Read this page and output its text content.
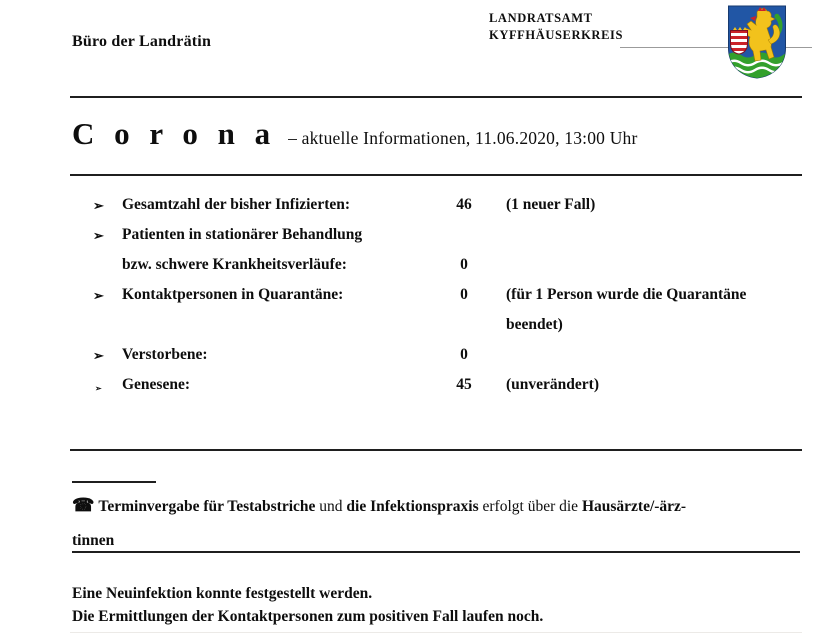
Büro der Landrätin
LANDRATSAMT
KYFFHÄUSERKREIS
C o r o n a – aktuelle Informationen, 11.06.2020, 13:00 Uhr
➢	Gesamtzahl der bisher Infizierten:	46	(1 neuer Fall)
➢	Patienten in stationärer Behandlung
bzw. schwere Krankheitsverläufe:	0
➢	Kontaktpersonen in Quarantäne:	0	(für 1 Person wurde die Quarantäne
beendet)
➢	Verstorbene:	0
➢	Genesene:	45	(unverändert)
☎ Terminvergabe für Testabstriche und die Infektionspraxis erfolgt über die Hausärzte/-ärz-
tinnen
Eine Neuinfektion konnte festgestellt werden.
Die Ermittlungen der Kontaktpersonen zum positiven Fall laufen noch.
